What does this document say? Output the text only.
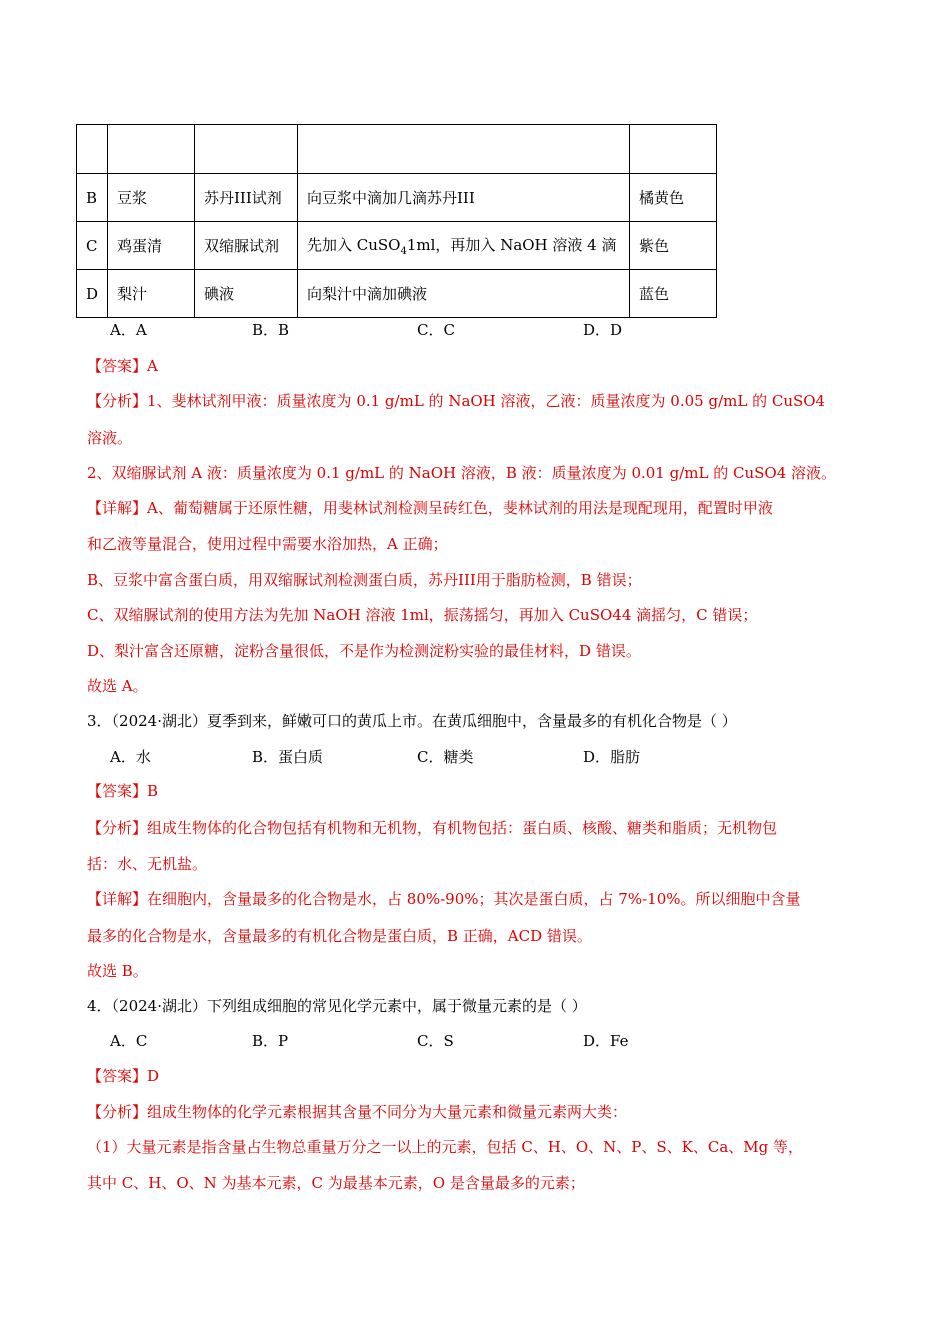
B	豆浆	苏丹III试剂	向豆浆中滴加几滴苏丹III	橘黄色
C	鸡蛋清	双缩脲试剂	先加入 CuSO$_4$1ml，再加入 NaOH 溶液 4 滴	紫色
D	梨汁	碘液	向梨汁中滴加碘液	蓝色
A．A	B．B	C．C	D．D
【答案】A
【分析】1、斐林试剂甲液：质量浓度为 0.1 g/mL 的 NaOH 溶液，乙液：质量浓度为 0.05 g/mL 的 CuSO4
溶液。
2、双缩脲试剂 A 液：质量浓度为 0.1 g/mL 的 NaOH 溶液，B 液：质量浓度为 0.01 g/mL 的 CuSO4 溶液。
【详解】A、葡萄糖属于还原性糖，用斐林试剂检测呈砖红色，斐林试剂的用法是现配现用，配置时甲液
和乙液等量混合，使用过程中需要水浴加热，A 正确；
B、豆浆中富含蛋白质，用双缩脲试剂检测蛋白质，苏丹III用于脂肪检测，B 错误；
C、双缩脲试剂的使用方法为先加 NaOH 溶液 1ml，振荡摇匀，再加入 CuSO44 滴摇匀，C 错误；
D、梨汁富含还原糖，淀粉含量很低，不是作为检测淀粉实验的最佳材料，D 错误。
故选 A。
3．（2024·湖北）夏季到来，鲜嫩可口的黄瓜上市。在黄瓜细胞中，含量最多的有机化合物是（ ）
A．水	B．蛋白质	C．糖类	D．脂肪
【答案】B
【分析】组成生物体的化合物包括有机物和无机物，有机物包括：蛋白质、核酸、糖类和脂质；无机物包
括：水、无机盐。
【详解】在细胞内，含量最多的化合物是水，占 80%-90%；其次是蛋白质，占 7%-10%。所以细胞中含量
最多的化合物是水，含量最多的有机化合物是蛋白质，B 正确，ACD 错误。
故选 B。
4．（2024·湖北）下列组成细胞的常见化学元素中，属于微量元素的是（ ）
A．C	B．P	C．S	D．Fe
【答案】D
【分析】组成生物体的化学元素根据其含量不同分为大量元素和微量元素两大类：
（1）大量元素是指含量占生物总重量万分之一以上的元素，包括 C、H、O、N、P、S、K、Ca、Mg 等，
其中 C、H、O、N 为基本元素，C 为最基本元素，O 是含量最多的元素；
